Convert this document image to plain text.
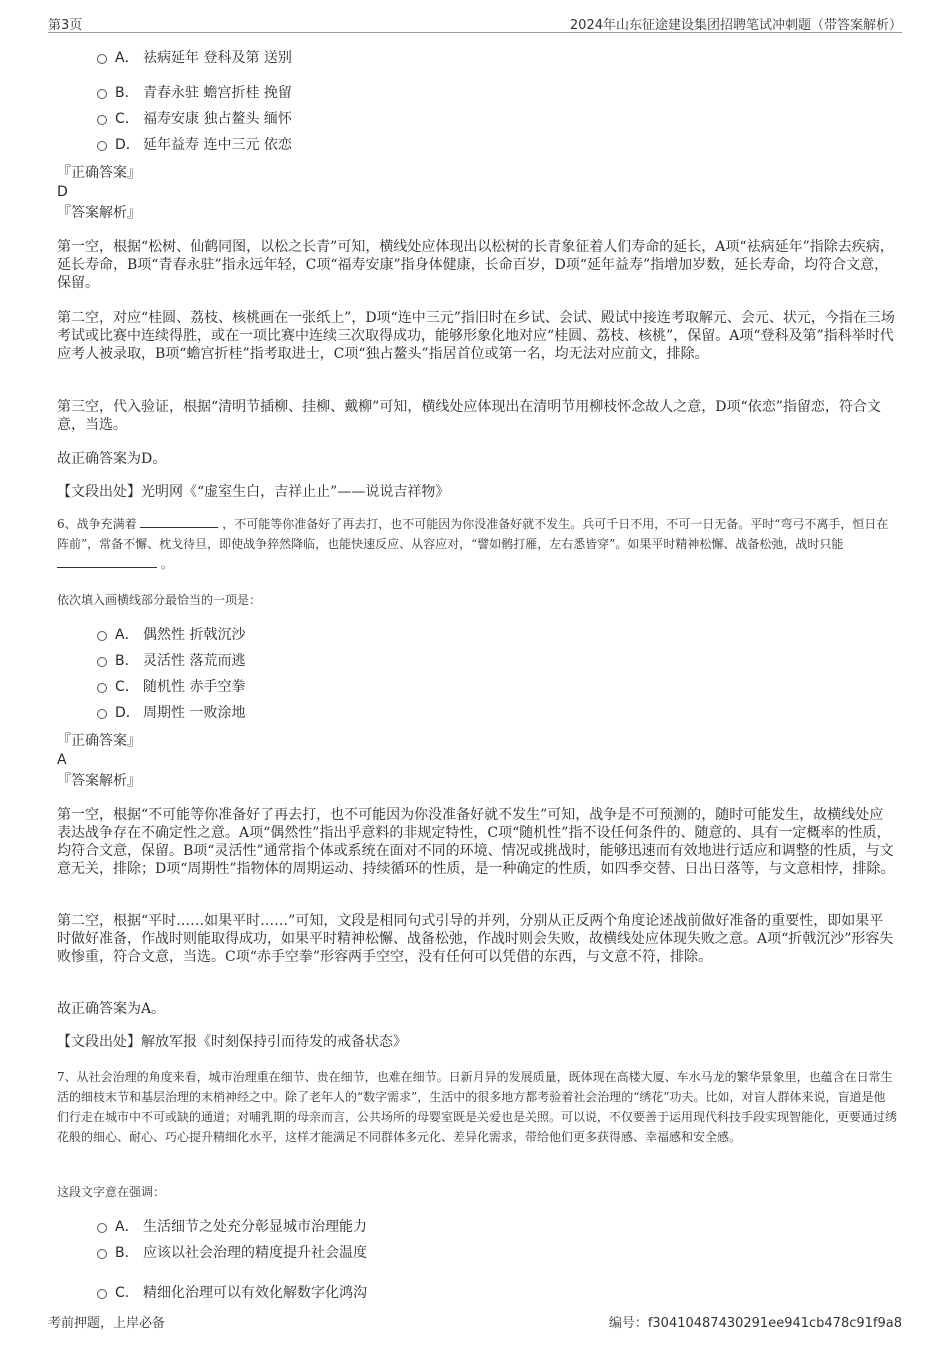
第3页	2024年山东征途建设集团招聘笔试冲刺题（带答案解析）
A． 祛病延年 登科及第 送别
B． 青春永驻 蟾宫折桂 挽留
C． 福寿安康 独占鳌头 缅怀
D． 延年益寿 连中三元 依恋
『正确答案』
D
『答案解析』
第一空，根据“松树、仙鹤同图，以松之长青”可知，横线处应体现出以松树的长青象征着人们寿命的延长，A项“祛病延年”指除去疾病，延长寿命，B项“青春永驻”指永远年轻，C项“福寿安康”指身体健康，长命百岁，D项“延年益寿”指增加岁数，延长寿命，均符合文意，保留。
第二空，对应“桂圆、荔枝、核桃画在一张纸上”，D项“连中三元”指旧时在乡试、会试、殿试中接连考取解元、会元、状元，今指在三场考试或比赛中连续得胜，或在一项比赛中连续三次取得成功，能够形象化地对应“桂圆、荔枝、核桃”，保留。A项“登科及第”指科举时代应考人被录取，B项“蟾宫折桂”指考取进士，C项“独占鳌头”指居首位或第一名，均无法对应前文，排除。
第三空，代入验证，根据“清明节插柳、挂柳、戴柳”可知，横线处应体现出在清明节用柳枝怀念故人之意，D项“依恋”指留恋，符合文意，当选。
故正确答案为D。
【文段出处】光明网《“虚室生白，吉祥止止”——说说吉祥物》
6、战争充满着	，不可能等你准备好了再去打，也不可能因为你没准备好就不发生。兵可千日不用，不可一日无备。平时“弯弓不离手，恒日在阵前”，常备不懈、枕戈待旦，即使战争猝然降临，也能快速反应、从容应对，“譬如鹘打雁，左右悉皆穿”。如果平时精神松懈、战备松弛，战时只能  。
依次填入画横线部分最恰当的一项是：
A． 偶然性 折戟沉沙
B． 灵活性 落荒而逃
C． 随机性 赤手空拳
D． 周期性 一败涂地
『正确答案』
A
『答案解析』
第一空，根据“不可能等你准备好了再去打，也不可能因为你没准备好就不发生”可知，战争是不可预测的，随时可能发生，故横线处应表达战争存在不确定性之意。A项“偶然性”指出乎意料的非规定特性，C项“随机性”指不设任何条件的、随意的、具有一定概率的性质，均符合文意，保留。B项“灵活性”通常指个体或系统在面对不同的环境、情况或挑战时，能够迅速而有效地进行适应和调整的性质，与文意无关，排除；D项“周期性”指物体的周期运动、持续循环的性质，是一种确定的性质，如四季交替、日出日落等，与文意相悖，排除。
第二空，根据“平时……如果平时……”可知，文段是相同句式引导的并列，分别从正反两个角度论述战前做好准备的重要性，即如果平时做好准备，作战时则能取得成功，如果平时精神松懈、战备松弛，作战时则会失败，故横线处应体现失败之意。A项“折戟沉沙”形容失败惨重，符合文意，当选。C项“赤手空拳”形容两手空空，没有任何可以凭借的东西，与文意不符，排除。
故正确答案为A。
【文段出处】解放军报《时刻保持引而待发的戒备状态》
7、从社会治理的角度来看，城市治理重在细节、贵在细节，也难在细节。日新月异的发展质量，既体现在高楼大厦、车水马龙的繁华景象里，也蕴含在日常生活的细枝末节和基层治理的末梢神经之中。除了老年人的“数字需求”，生活中的很多地方都考验着社会治理的“绣花”功夫。比如，对盲人群体来说，盲道是他们行走在城市中不可或缺的通道；对哺乳期的母亲而言，公共场所的母婴室既是关爱也是关照。可以说，不仅要善于运用现代科技手段实现智能化，更要通过绣花般的细心、耐心、巧心提升精细化水平，这样才能满足不同群体多元化、差异化需求，带给他们更多获得感、幸福感和安全感。
这段文字意在强调：
A． 生活细节之处充分彰显城市治理能力
B． 应该以社会治理的精度提升社会温度
C． 精细化治理可以有效化解数字化鸿沟
考前押题，上岸必备	编号：f30410487430291ee941cb478c91f9a8
